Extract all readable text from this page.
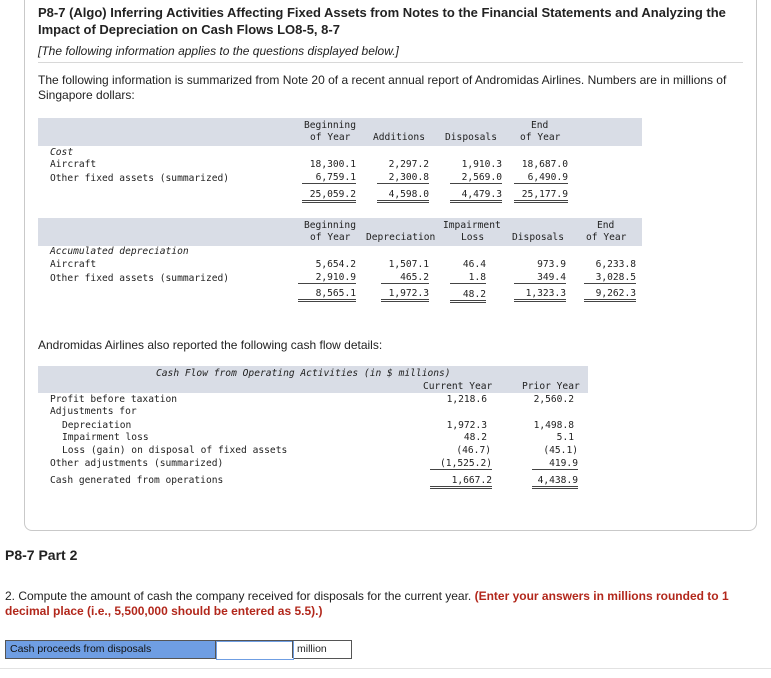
P8-7 (Algo) Inferring Activities Affecting Fixed Assets from Notes to the Financial Statements and Analyzing the Impact of Depreciation on Cash Flows LO8-5, 8-7
[The following information applies to the questions displayed below.]
The following information is summarized from Note 20 of a recent annual report of Andromidas Airlines. Numbers are in millions of Singapore dollars:
Beginning
of Year Additions Disposals
End
of Year
Cost
Aircraft	18,300.1	2,297.2	1,910.3	18,687.0
Other fixed assets (summarized)	6,759.1	2,300.8	2,569.0	6,490.9
25,059.2	4,598.0	4,479.3	25,177.9
Beginning
of Year Depreciation
Impairment
Loss	Disposals
End
of Year
Accumulated depreciation
Aircraft	5,654.2	1,507.1	46.4	973.9	6,233.8
Other fixed assets (summarized)	2,910.9	465.2	1.8	349.4	3,028.5
8,565.1	1,972.3	48.2	1,323.3	9,262.3
Andromidas Airlines also reported the following cash flow details:
Cash Flow from Operating Activities (in $ millions)
Current Year	Prior Year
Profit before taxation	1,218.6	2,560.2
Adjustments for
Depreciation	1,972.3	1,498.8
Impairment loss	48.2	5.1
Loss (gain) on disposal of fixed assets	(46.7)	(45.1)
Other adjustments (summarized)	(1,525.2)	419.9
Cash generated from operations	1,667.2	4,438.9
P8-7 Part 2
2. Compute the amount of cash the company received for disposals for the current year. (Enter your answers in millions rounded to 1 decimal place (i.e., 5,500,000 should be entered as 5.5).)
Cash proceeds from disposals	million
